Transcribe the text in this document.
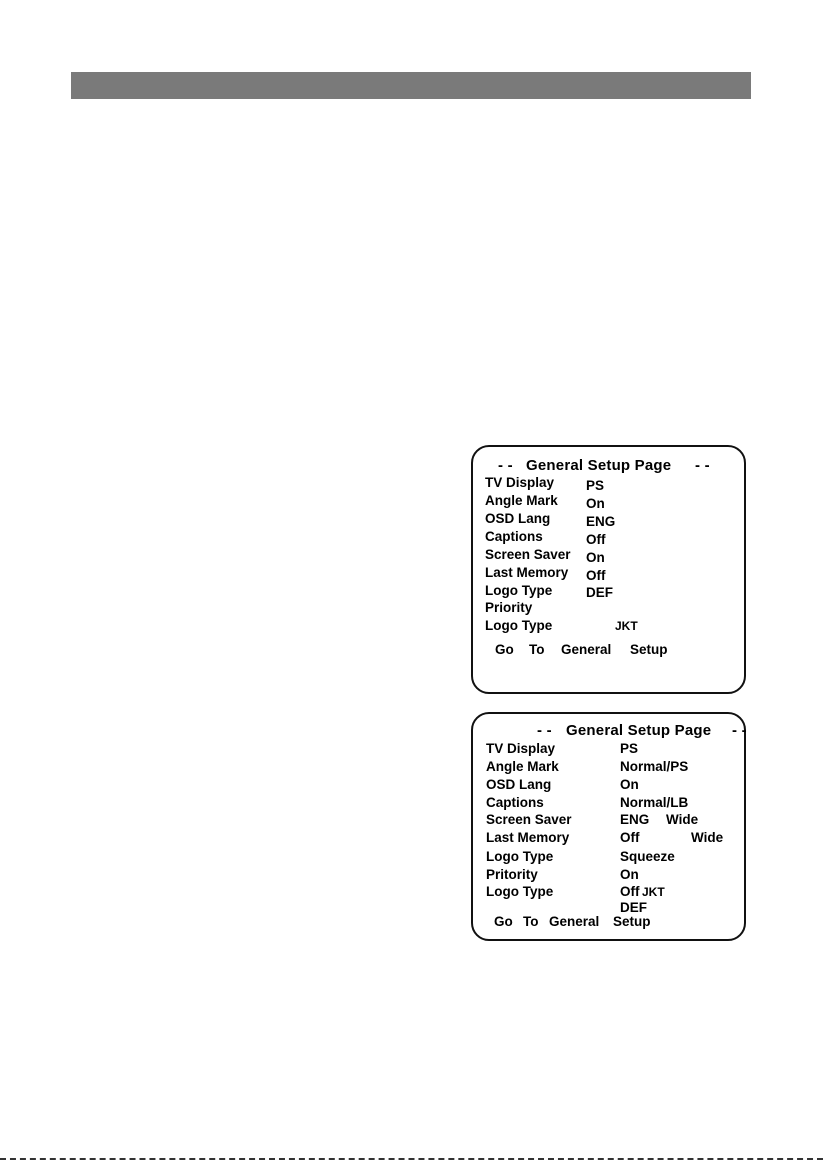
- - General Setup Page - -
TV Display
Angle Mark
OSD Lang
Captions
Screen Saver
Last Memory
Logo Type
Priority
Logo Type
PS
On
ENG
Off
On
Off
DEF
JKT
Go To General Setup
- - General Setup Page - -
TV Display
Angle Mark
OSD Lang
Captions
Screen Saver
Last Memory
Logo Type
Pritority
Logo Type
PS
Normal/PS
On
Normal/LB
ENG
Off
Squeeze
On
Off
DEF
Wide
Wide
JKT
Go To General Setup
